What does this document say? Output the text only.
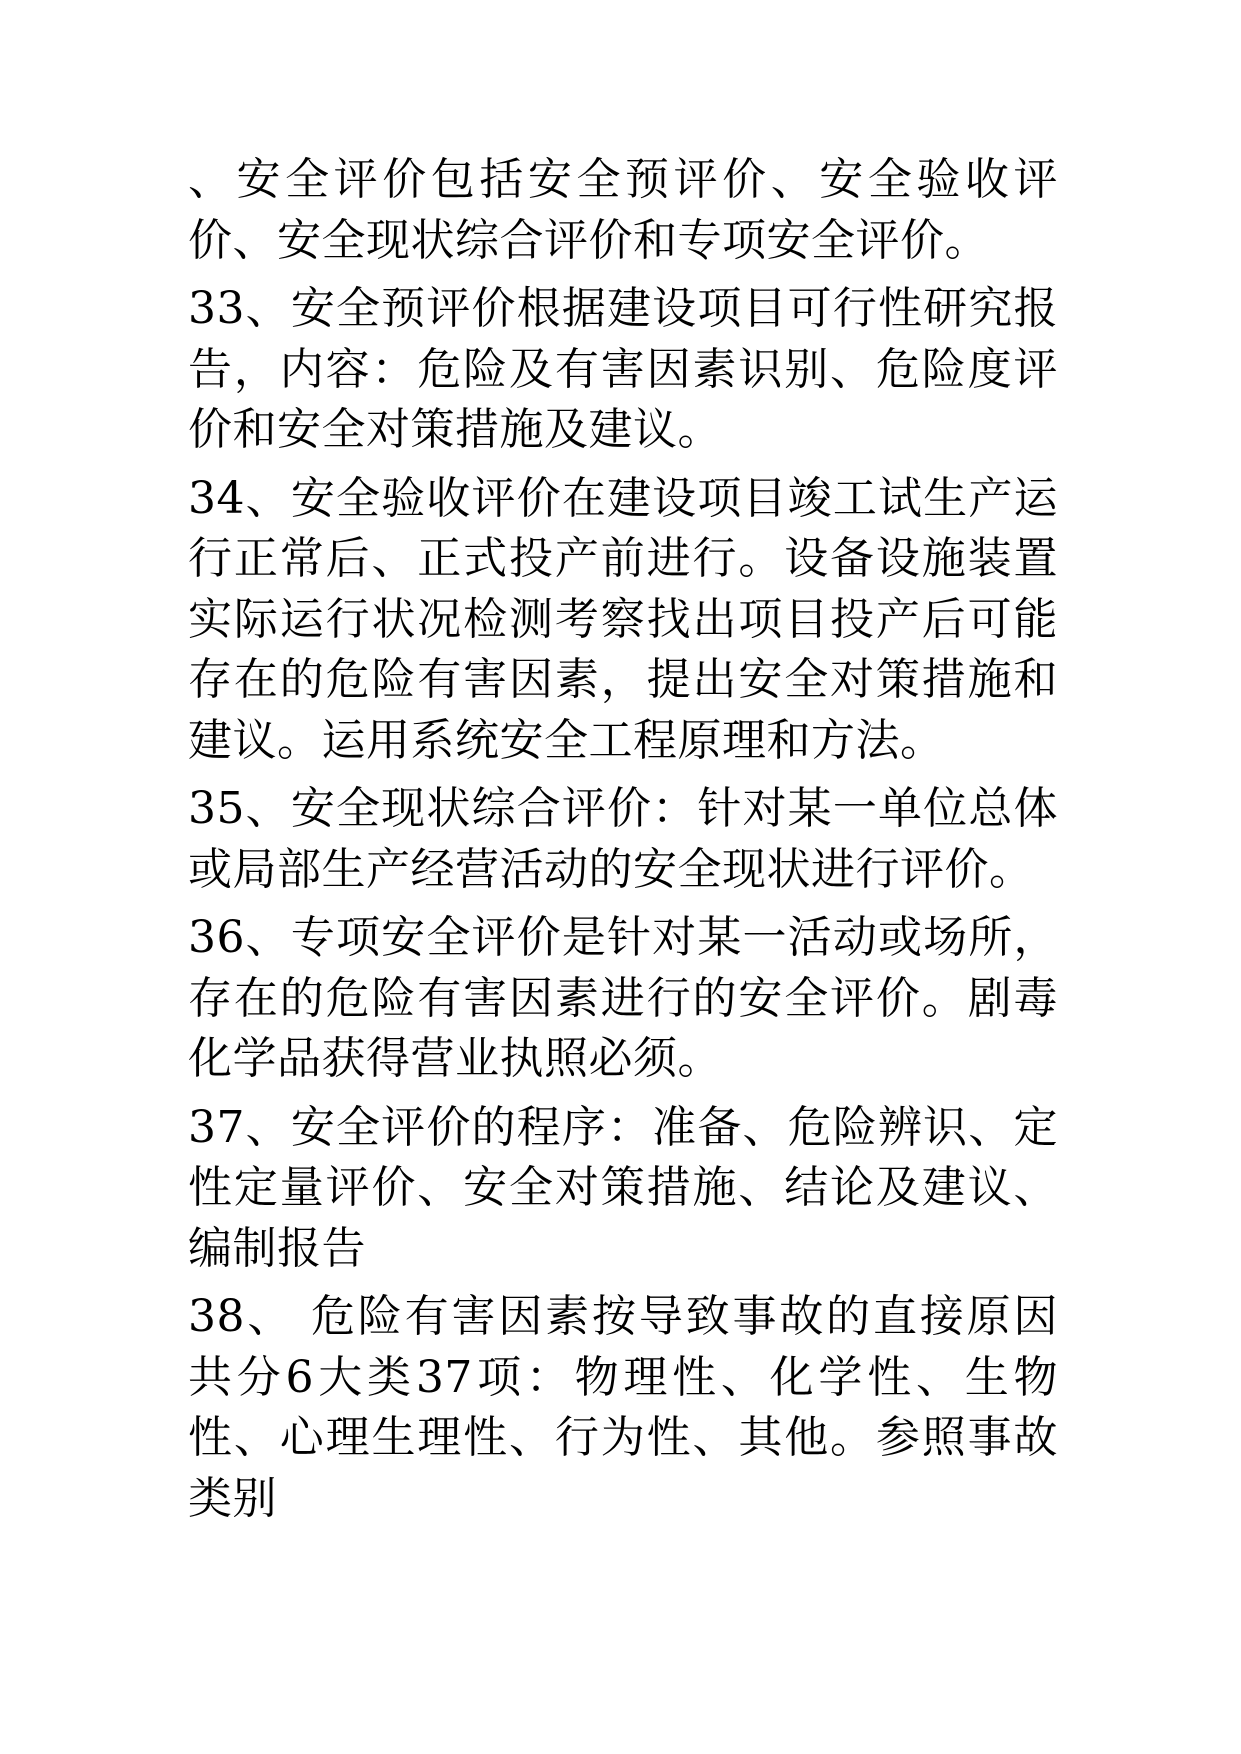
、安全评价包括安全预评价、安全验收评价、安全现状综合评价和专项安全评价。

33、安全预评价根据建设项目可行性研究报告，内容：危险及有害因素识别、危险度评价和安全对策措施及建议。

34、安全验收评价在建设项目竣工试生产运行正常后、正式投产前进行。设备设施装置实际运行状况检测考察找出项目投产后可能存在的危险有害因素，提出安全对策措施和建议。运用系统安全工程原理和方法。

35、安全现状综合评价：针对某一单位总体或局部生产经营活动的安全现状进行评价。

36、专项安全评价是针对某一活动或场所，存在的危险有害因素进行的安全评价。剧毒化学品获得营业执照必须。

37、安全评价的程序：准备、危险辨识、定性定量评价、安全对策措施、结论及建议、编制报告

38、 危险有害因素按导致事故的直接原因共分6大类37项：物理性、化学性、生物性、心理生理性、行为性、其他。参照事故类别
